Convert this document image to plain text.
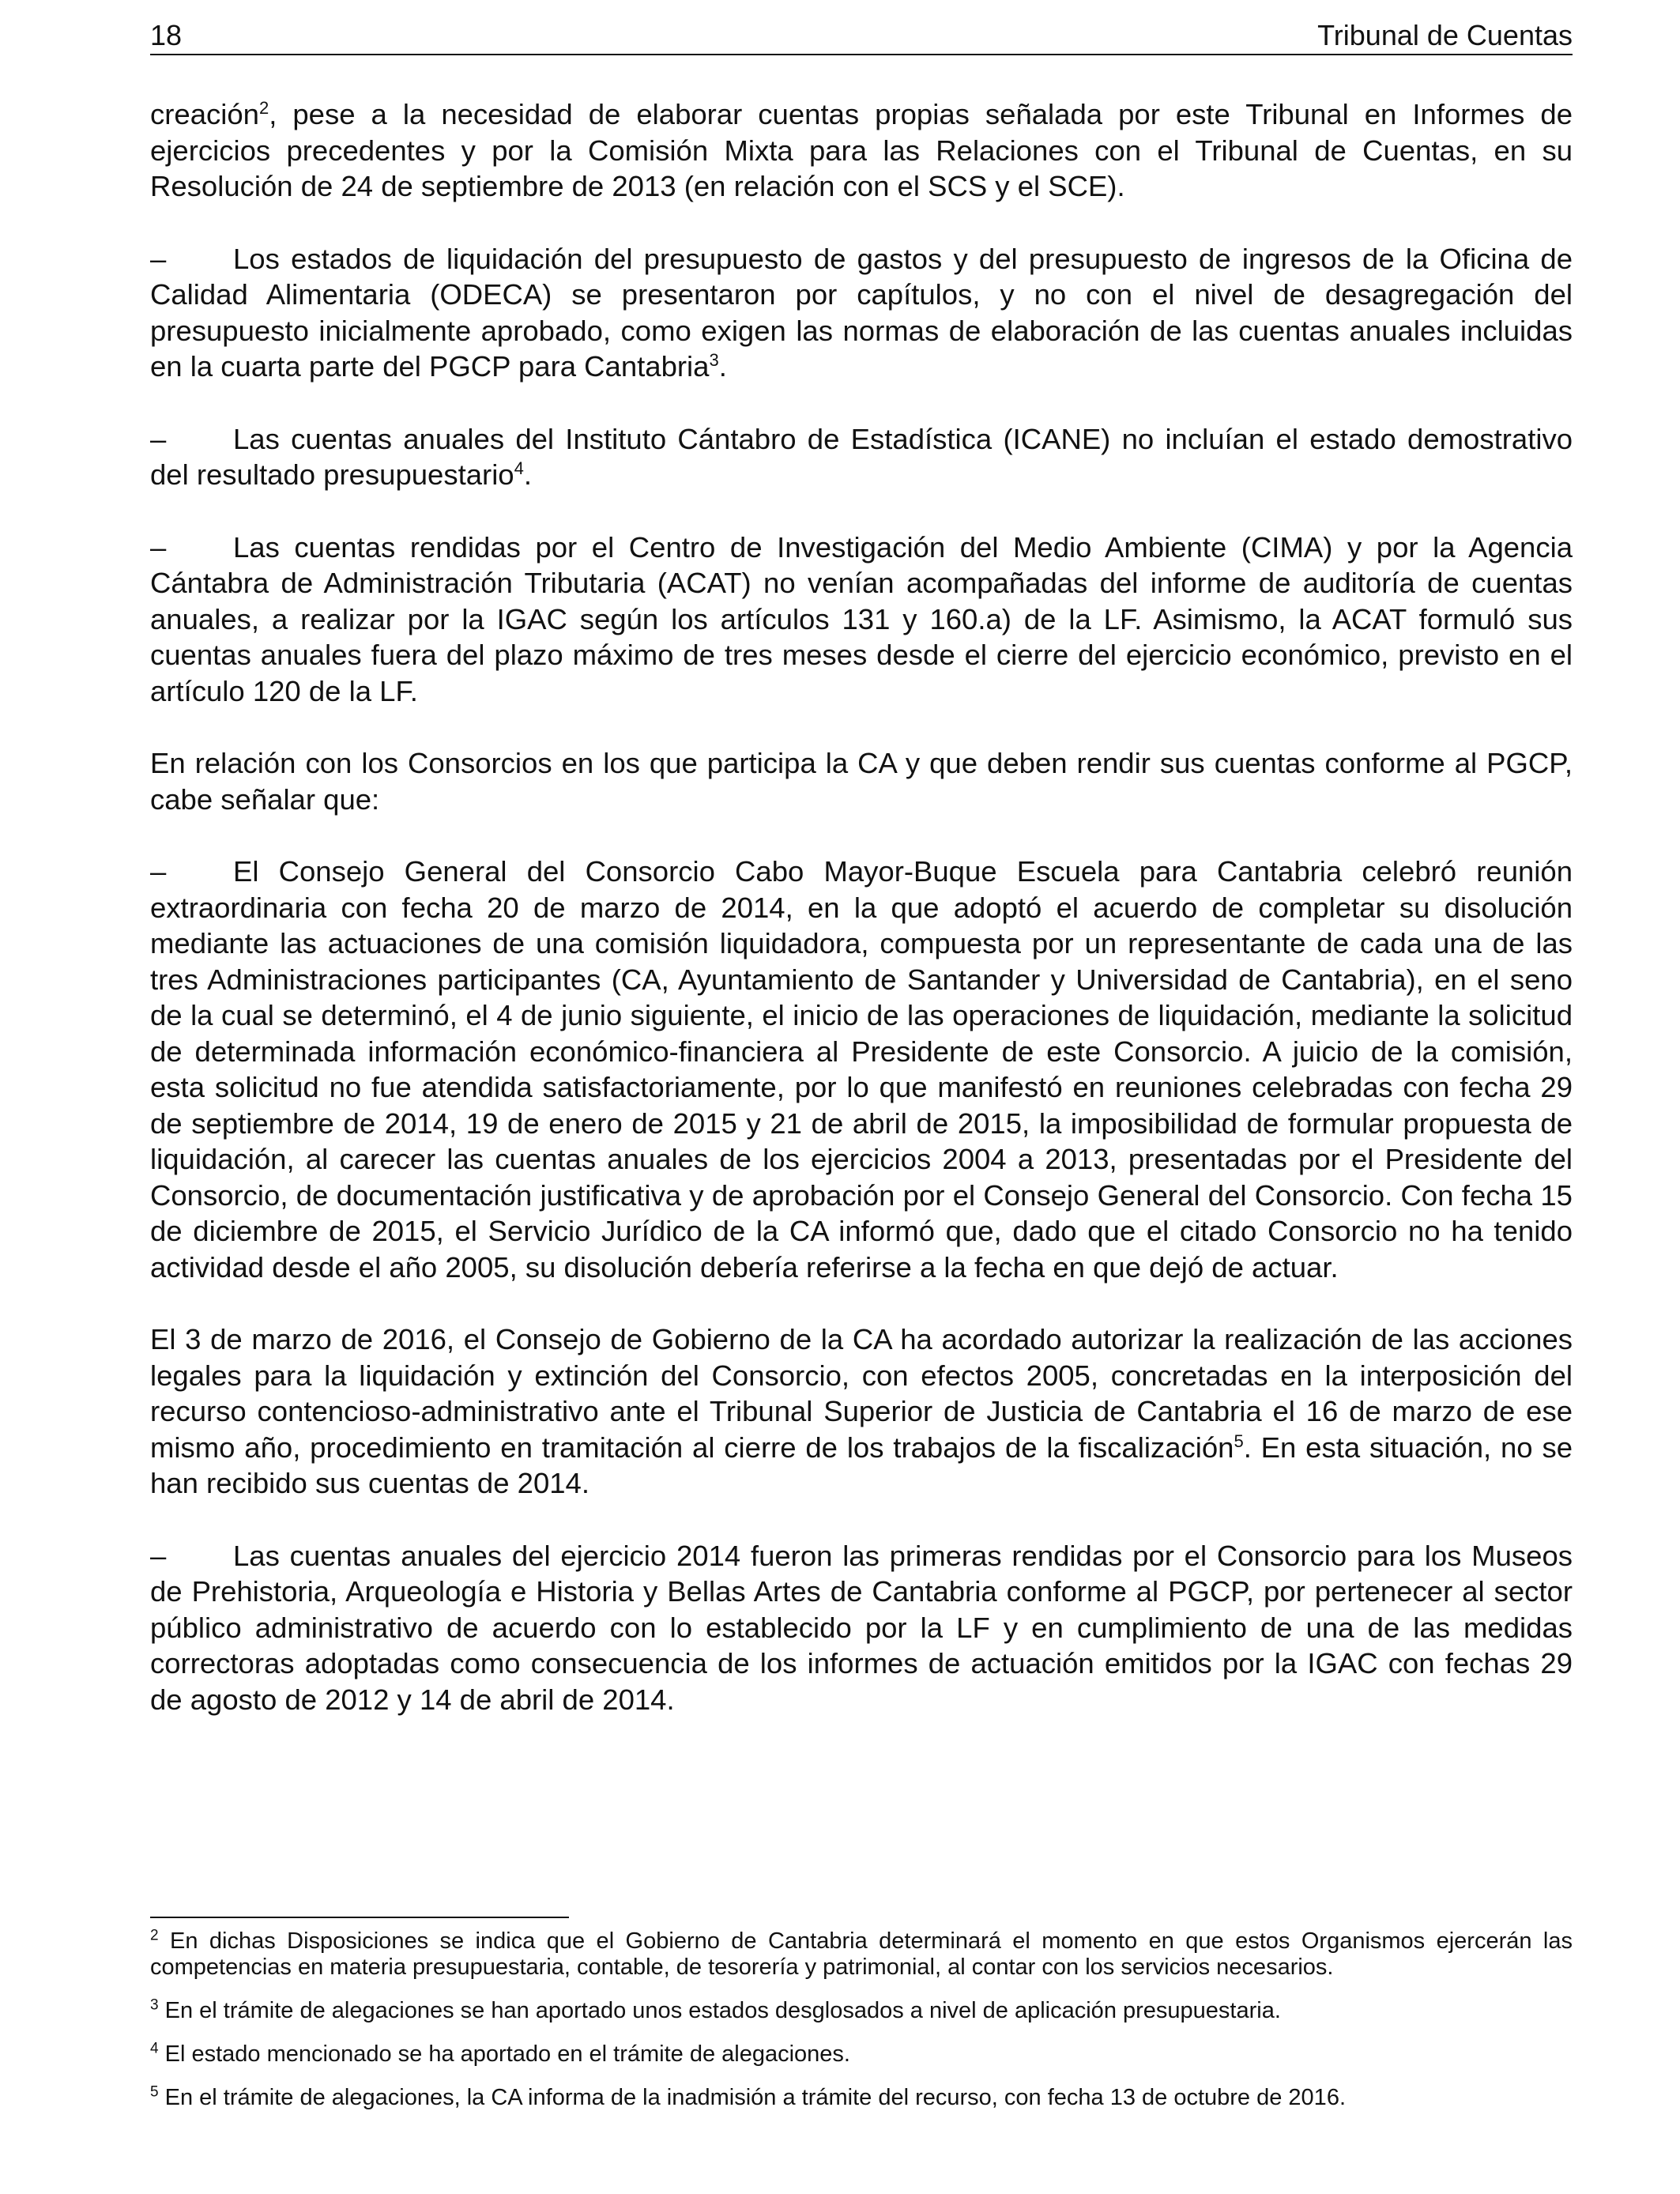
18	Tribunal de Cuentas

creación$^2$, pese a la necesidad de elaborar cuentas propias señalada por este Tribunal en Informes de ejercicios precedentes y por la Comisión Mixta para las Relaciones con el Tribunal de Cuentas, en su Resolución de 24 de septiembre de 2013 (en relación con el SCS y el SCE).

– Los estados de liquidación del presupuesto de gastos y del presupuesto de ingresos de la Oficina de Calidad Alimentaria (ODECA) se presentaron por capítulos, y no con el nivel de desagregación del presupuesto inicialmente aprobado, como exigen las normas de elaboración de las cuentas anuales incluidas en la cuarta parte del PGCP para Cantabria$^3$.

– Las cuentas anuales del Instituto Cántabro de Estadística (ICANE) no incluían el estado demostrativo del resultado presupuestario$^4$.

– Las cuentas rendidas por el Centro de Investigación del Medio Ambiente (CIMA) y por la Agencia Cántabra de Administración Tributaria (ACAT) no venían acompañadas del informe de auditoría de cuentas anuales, a realizar por la IGAC según los artículos 131 y 160.a) de la LF. Asimismo, la ACAT formuló sus cuentas anuales fuera del plazo máximo de tres meses desde el cierre del ejercicio económico, previsto en el artículo 120 de la LF.

En relación con los Consorcios en los que participa la CA y que deben rendir sus cuentas conforme al PGCP, cabe señalar que:

– El Consejo General del Consorcio Cabo Mayor-Buque Escuela para Cantabria celebró reunión extraordinaria con fecha 20 de marzo de 2014, en la que adoptó el acuerdo de completar su disolución mediante las actuaciones de una comisión liquidadora, compuesta por un representante de cada una de las tres Administraciones participantes (CA, Ayuntamiento de Santander y Universidad de Cantabria), en el seno de la cual se determinó, el 4 de junio siguiente, el inicio de las operaciones de liquidación, mediante la solicitud de determinada información económico-financiera al Presidente de este Consorcio. A juicio de la comisión, esta solicitud no fue atendida satisfactoriamente, por lo que manifestó en reuniones celebradas con fecha 29 de septiembre de 2014, 19 de enero de 2015 y 21 de abril de 2015, la imposibilidad de formular propuesta de liquidación, al carecer las cuentas anuales de los ejercicios 2004 a 2013, presentadas por el Presidente del Consorcio, de documentación justificativa y de aprobación por el Consejo General del Consorcio. Con fecha 15 de diciembre de 2015, el Servicio Jurídico de la CA informó que, dado que el citado Consorcio no ha tenido actividad desde el año 2005, su disolución debería referirse a la fecha en que dejó de actuar.

El 3 de marzo de 2016, el Consejo de Gobierno de la CA ha acordado autorizar la realización de las acciones legales para la liquidación y extinción del Consorcio, con efectos 2005, concretadas en la interposición del recurso contencioso-administrativo ante el Tribunal Superior de Justicia de Cantabria el 16 de marzo de ese mismo año, procedimiento en tramitación al cierre de los trabajos de la fiscalización$^5$. En esta situación, no se han recibido sus cuentas de 2014.

– Las cuentas anuales del ejercicio 2014 fueron las primeras rendidas por el Consorcio para los Museos de Prehistoria, Arqueología e Historia y Bellas Artes de Cantabria conforme al PGCP, por pertenecer al sector público administrativo de acuerdo con lo establecido por la LF y en cumplimiento de una de las medidas correctoras adoptadas como consecuencia de los informes de actuación emitidos por la IGAC con fechas 29 de agosto de 2012 y 14 de abril de 2014.

$^2$ En dichas Disposiciones se indica que el Gobierno de Cantabria determinará el momento en que estos Organismos ejercerán las competencias en materia presupuestaria, contable, de tesorería y patrimonial, al contar con los servicios necesarios.

$^3$ En el trámite de alegaciones se han aportado unos estados desglosados a nivel de aplicación presupuestaria.

$^4$ El estado mencionado se ha aportado en el trámite de alegaciones.

$^5$ En el trámite de alegaciones, la CA informa de la inadmisión a trámite del recurso, con fecha 13 de octubre de 2016.
